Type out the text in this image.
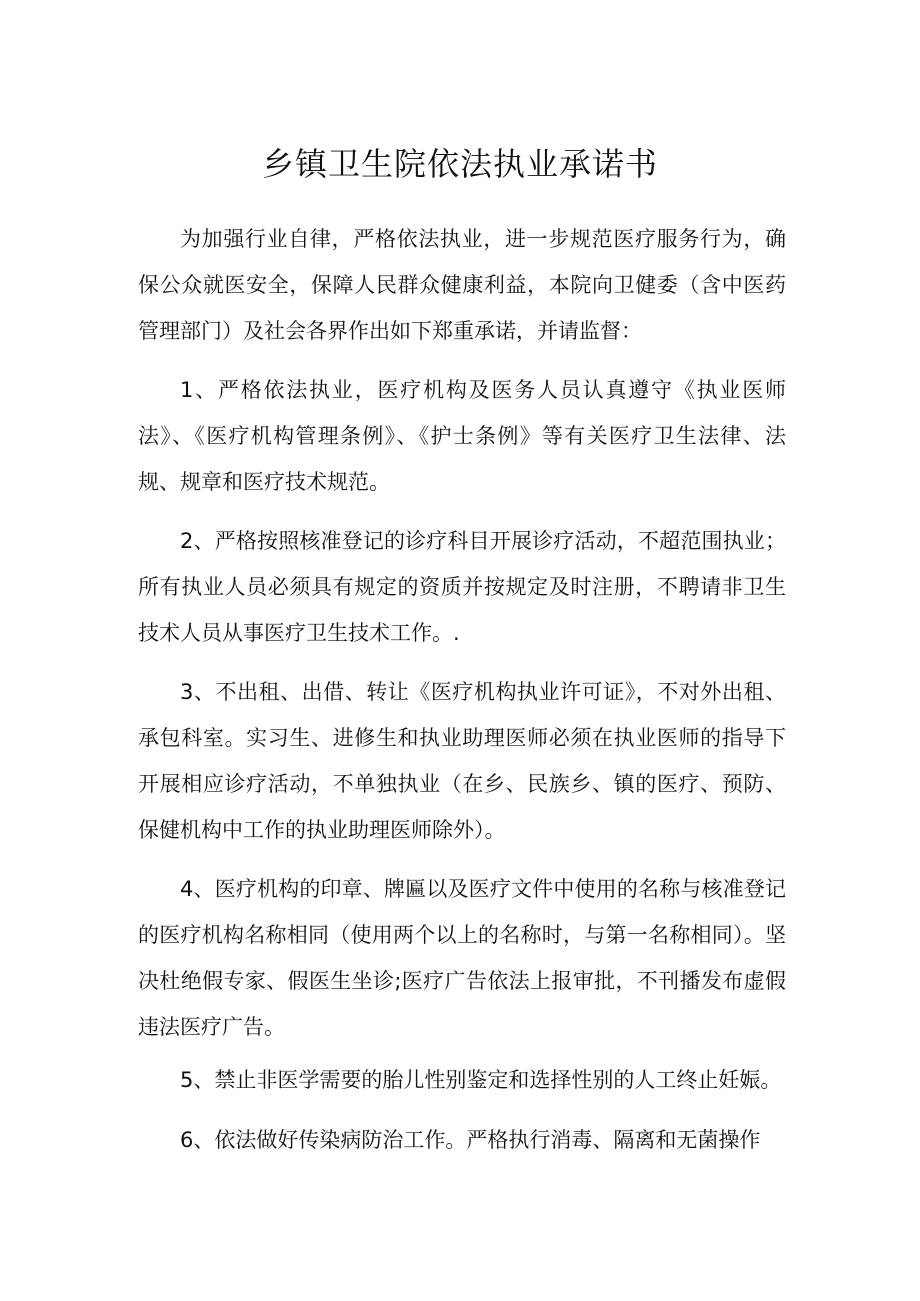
乡镇卫生院依法执业承诺书

为加强行业自律，严格依法执业，进一步规范医疗服务行为，确保公众就医安全，保障人民群众健康利益，本院向卫健委（含中医药管理部门）及社会各界作出如下郑重承诺，并请监督：

1、严格依法执业，医疗机构及医务人员认真遵守《执业医师法》、《医疗机构管理条例》、《护士条例》等有关医疗卫生法律、法规、规章和医疗技术规范。

2、严格按照核准登记的诊疗科目开展诊疗活动，不超范围执业；所有执业人员必须具有规定的资质并按规定及时注册，不聘请非卫生技术人员从事医疗卫生技术工作。.

3、不出租、出借、转让《医疗机构执业许可证》，不对外出租、承包科室。实习生、进修生和执业助理医师必须在执业医师的指导下开展相应诊疗活动，不单独执业（在乡、民族乡、镇的医疗、预防、保健机构中工作的执业助理医师除外）。

4、医疗机构的印章、牌匾以及医疗文件中使用的名称与核准登记的医疗机构名称相同（使用两个以上的名称时，与第一名称相同）。坚决杜绝假专家、假医生坐诊;医疗广告依法上报审批，不刊播发布虚假违法医疗广告。

5、禁止非医学需要的胎儿性别鉴定和选择性别的人工终止妊娠。

6、依法做好传染病防治工作。严格执行消毒、隔离和无菌操作
